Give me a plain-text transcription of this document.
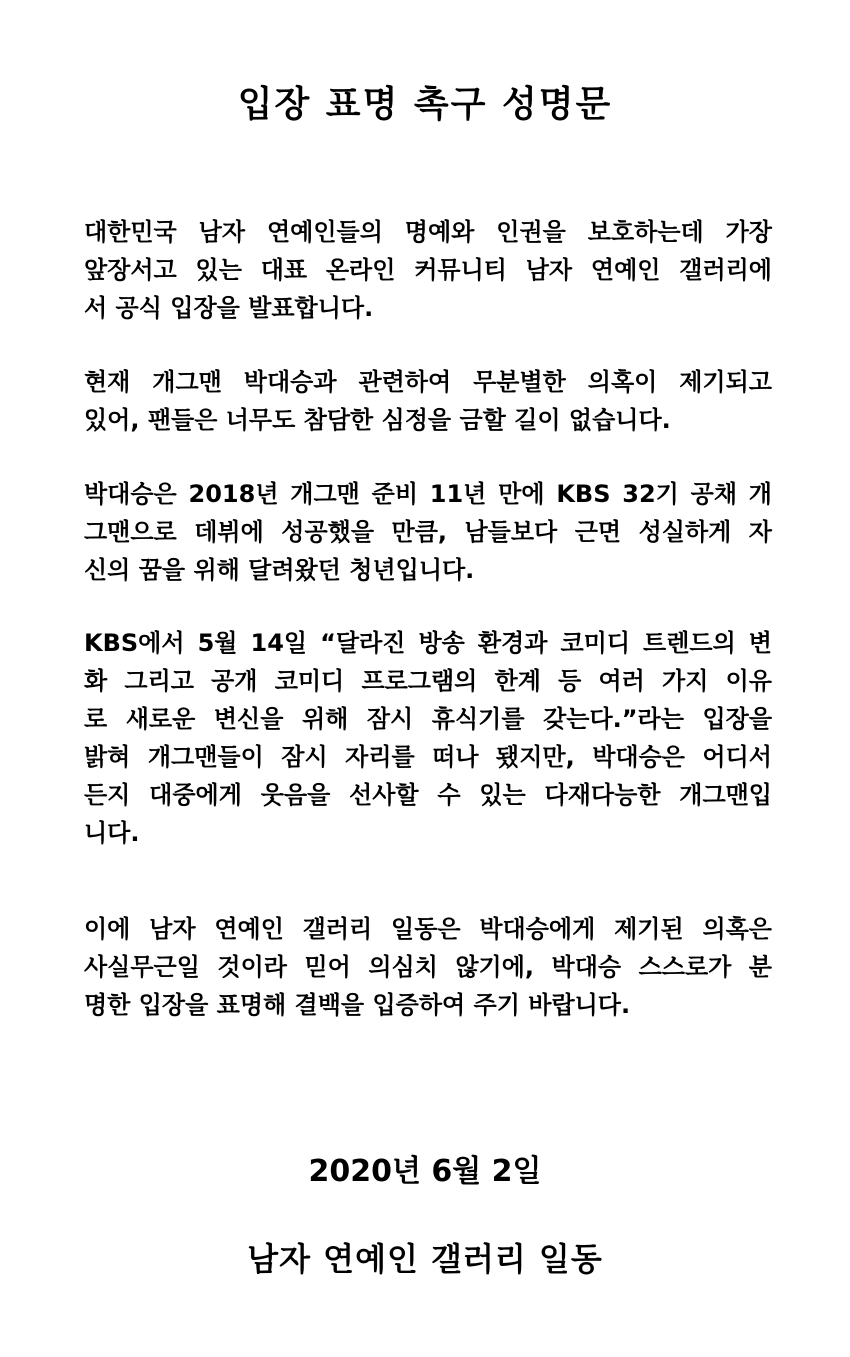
입장 표명 촉구 성명문
대한민국 남자 연예인들의 명예와 인권을 보호하는데 가장
앞장서고 있는 대표 온라인 커뮤니티 남자 연예인 갤러리에
서 공식 입장을 발표합니다.
현재 개그맨 박대승과 관련하여 무분별한 의혹이 제기되고
있어, 팬들은 너무도 참담한 심정을 금할 길이 없습니다.
박대승은 2018년 개그맨 준비 11년 만에 KBS 32기 공채 개
그맨으로 데뷔에 성공했을 만큼, 남들보다 근면 성실하게 자
신의 꿈을 위해 달려왔던 청년입니다.
KBS에서 5월 14일 “달라진 방송 환경과 코미디 트렌드의 변
화 그리고 공개 코미디 프로그램의 한계 등 여러 가지 이유
로 새로운 변신을 위해 잠시 휴식기를 갖는다.”라는 입장을
밝혀 개그맨들이 잠시 자리를 떠나 됐지만, 박대승은 어디서
든지 대중에게 웃음을 선사할 수 있는 다재다능한 개그맨입
니다.
이에 남자 연예인 갤러리 일동은 박대승에게 제기된 의혹은
사실무근일 것이라 믿어 의심치 않기에, 박대승 스스로가 분
명한 입장을 표명해 결백을 입증하여 주기 바랍니다.
2020년 6월 2일
남자 연예인 갤러리 일동
